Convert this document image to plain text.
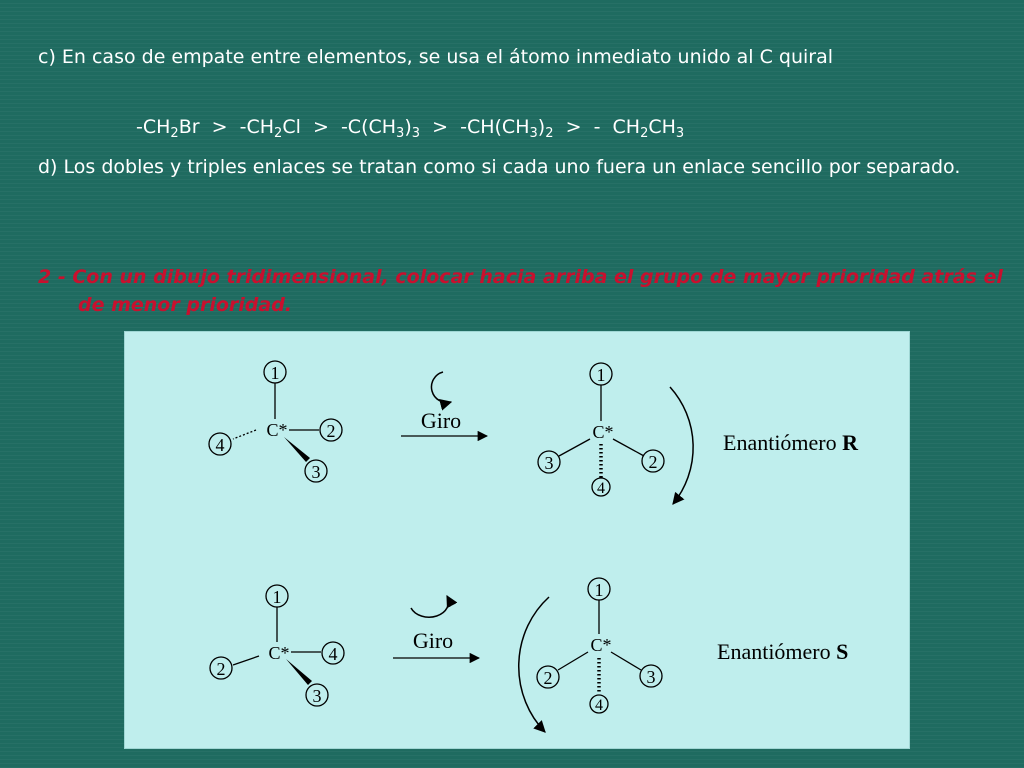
c) En caso de empate entre elementos, se usa el átomo inmediato unido al C quiral
$-CH_2Br > -CH_2Cl > -C(CH_3)_3 > -CH(CH_3)_2$  >  -  $CH_2CH_3$
d) Los dobles y triples enlaces se tratan como si cada uno fuera un enlace sencillo por separado.
2 - Con un dibujo tridimensional, colocar hacia arriba el grupo de mayor prioridad atrás el de menor prioridad.
1
2
4
3
C*	Giro
1
3	2
4
C*	Enantiómero R
1
4
2
3
C*	Giro
1
2	3
4
C*	Enantiómero S
